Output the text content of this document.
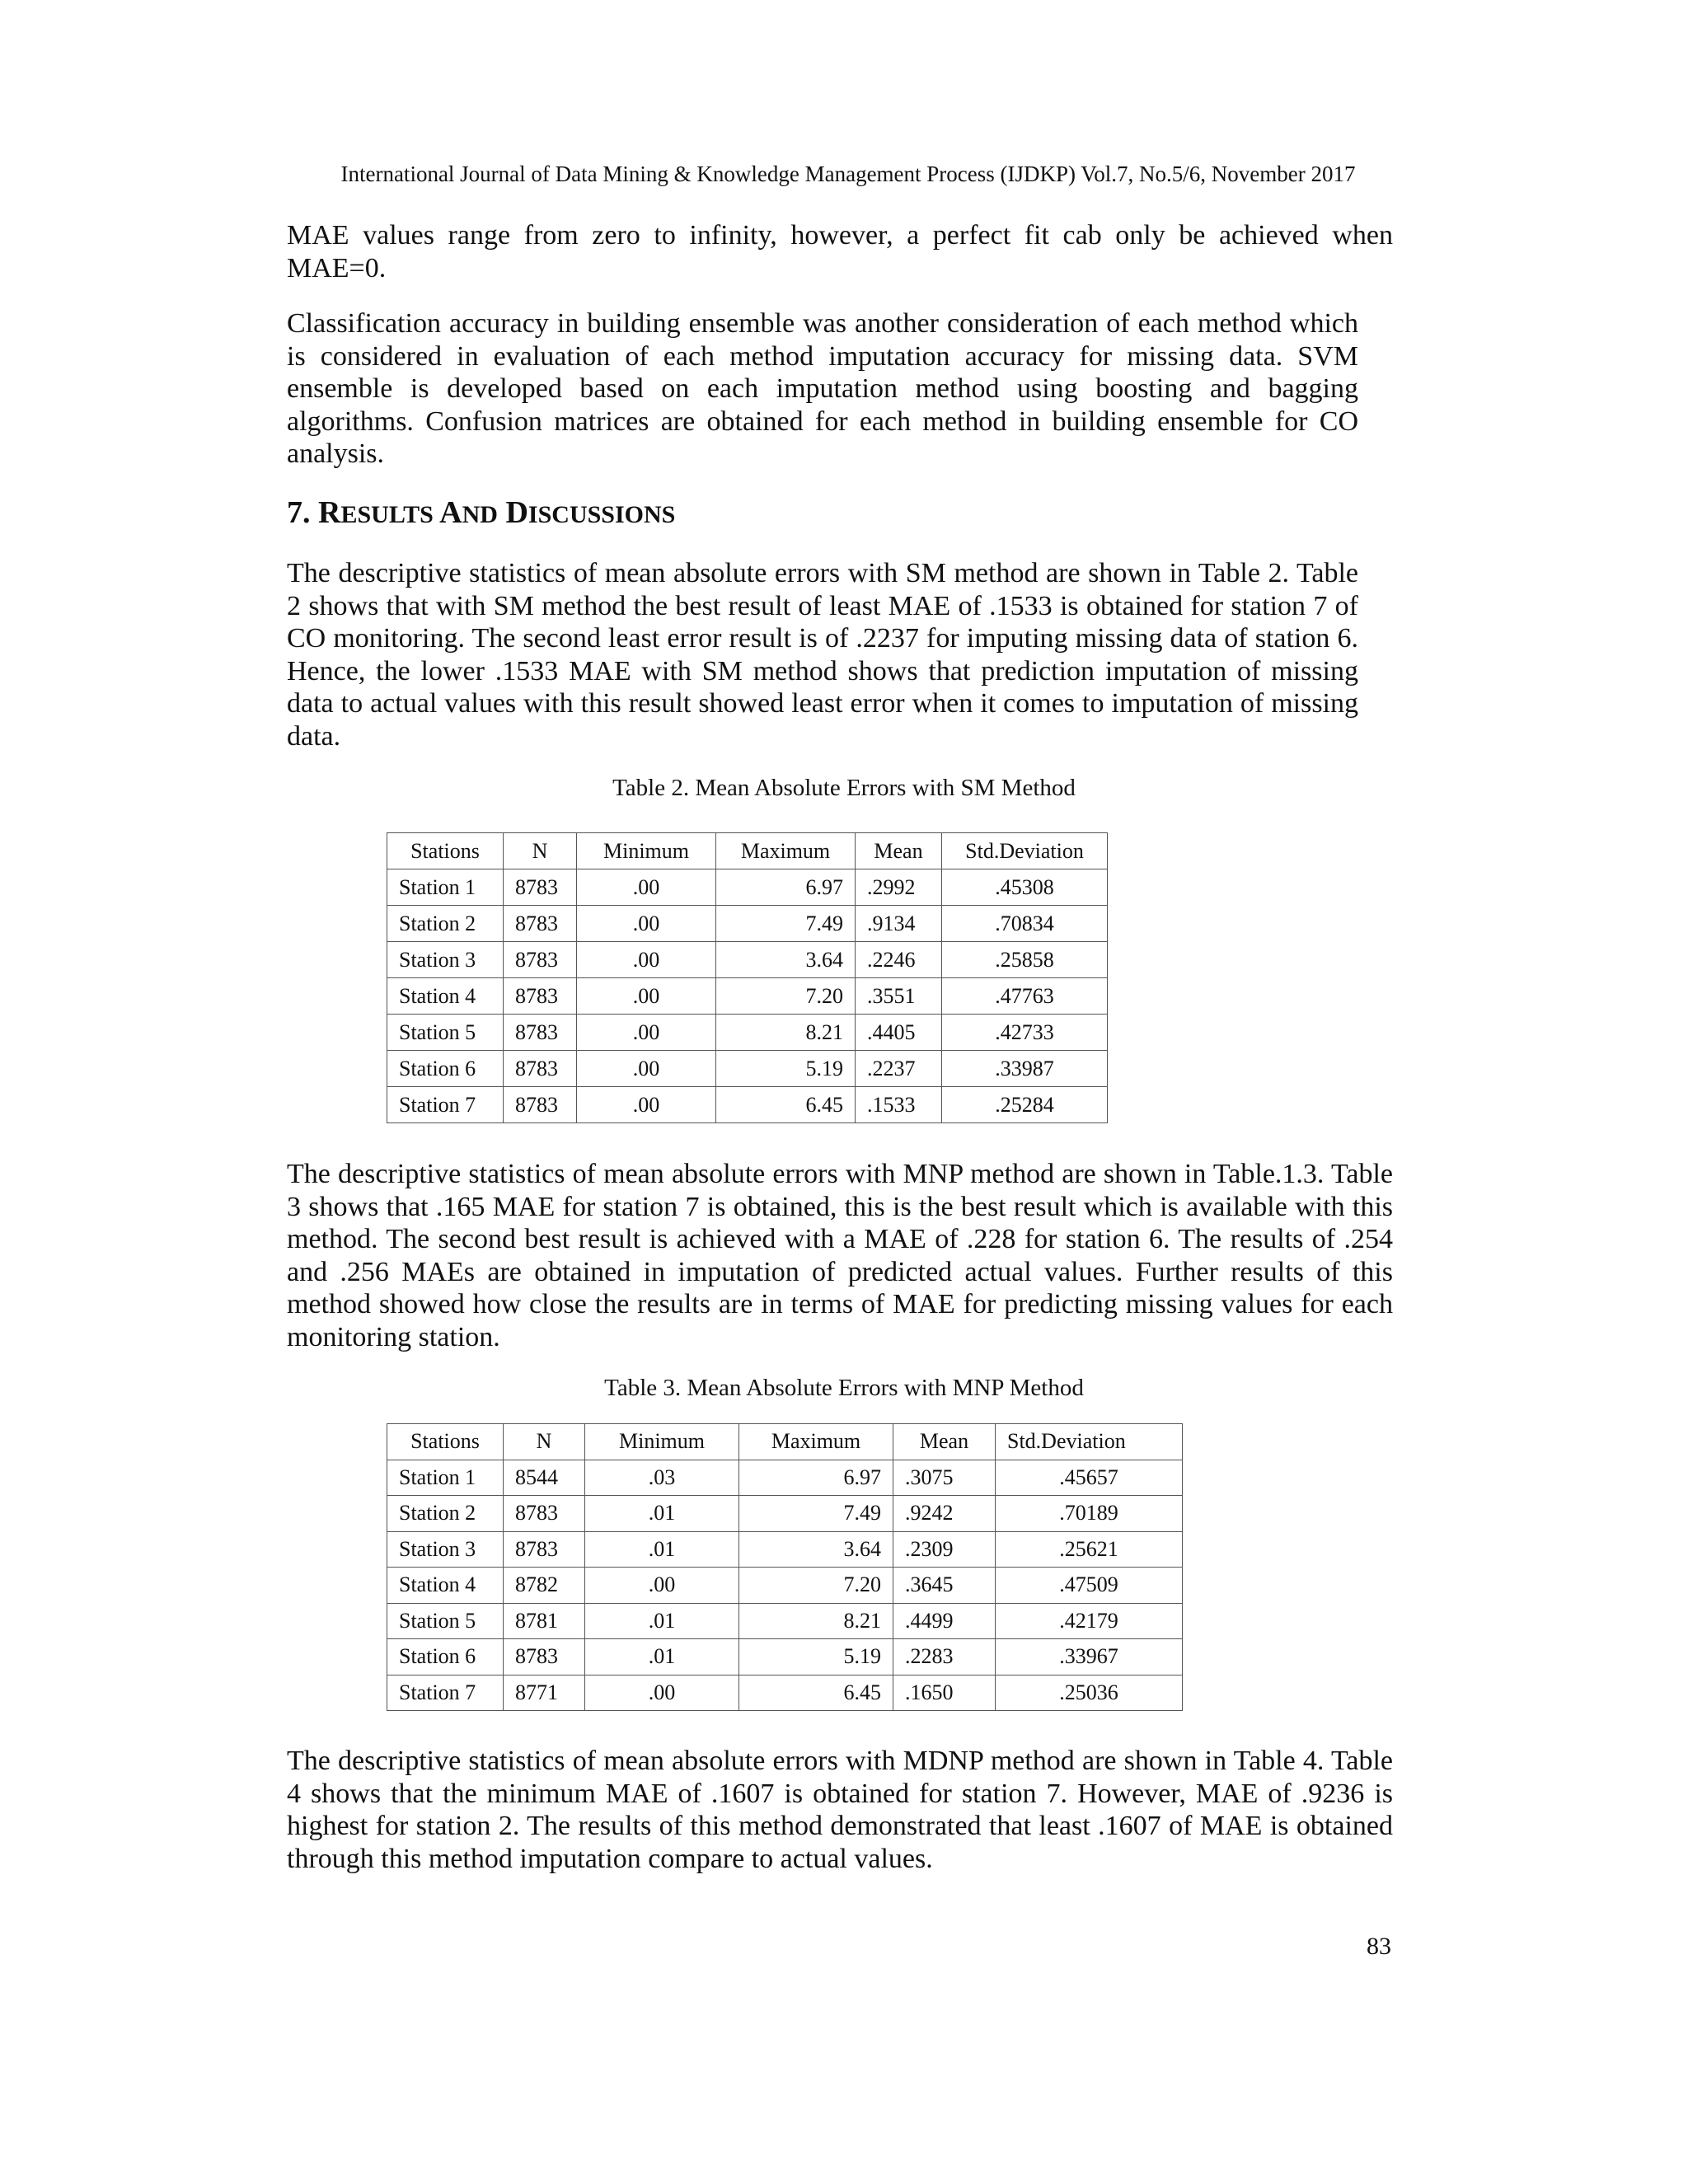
International Journal of Data Mining & Knowledge Management Process (IJDKP) Vol.7, No.5/6, November 2017

MAE values range from zero to infinity, however, a perfect fit cab only be achieved when MAE=0.

Classification accuracy in building ensemble was another consideration of each method which is considered in evaluation of each method imputation accuracy for missing data. SVM ensemble is developed based on each imputation method using boosting and bagging algorithms. Confusion matrices are obtained for each method in building ensemble for CO analysis.

7. RESULTS AND DISCUSSIONS

The descriptive statistics of mean absolute errors with SM method are shown in Table 2. Table 2 shows that with SM method the best result of least MAE of .1533 is obtained for station 7 of CO monitoring. The second least error result is of .2237 for imputing missing data of station 6. Hence, the lower .1533 MAE with SM method shows that prediction imputation of missing data to actual values with this result showed least error when it comes to imputation of missing data.

Table 2. Mean Absolute Errors with SM Method
Stations	N	Minimum	Maximum	Mean	Std.Deviation
Station 1	8783	.00	6.97	.2992	.45308
Station 2	8783	.00	7.49	.9134	.70834
Station 3	8783	.00	3.64	.2246	.25858
Station 4	8783	.00	7.20	.3551	.47763
Station 5	8783	.00	8.21	.4405	.42733
Station 6	8783	.00	5.19	.2237	.33987
Station 7	8783	.00	6.45	.1533	.25284

The descriptive statistics of mean absolute errors with MNP method are shown in Table.1.3. Table 3 shows that .165 MAE for station 7 is obtained, this is the best result which is available with this method. The second best result is achieved with a MAE of .228 for station 6. The results of .254 and .256 MAEs are obtained in imputation of predicted actual values. Further results of this method showed how close the results are in terms of MAE for predicting missing values for each monitoring station.

Table 3. Mean Absolute Errors with MNP Method
Stations	N	Minimum	Maximum	Mean	Std.Deviation
Station 1	8544	.03	6.97	.3075	.45657
Station 2	8783	.01	7.49	.9242	.70189
Station 3	8783	.01	3.64	.2309	.25621
Station 4	8782	.00	7.20	.3645	.47509
Station 5	8781	.01	8.21	.4499	.42179
Station 6	8783	.01	5.19	.2283	.33967
Station 7	8771	.00	6.45	.1650	.25036

The descriptive statistics of mean absolute errors with MDNP method are shown in Table 4. Table 4 shows that the minimum MAE of .1607 is obtained for station 7. However, MAE of .9236 is highest for station 2. The results of this method demonstrated that least .1607 of MAE is obtained through this method imputation compare to actual values.

83
